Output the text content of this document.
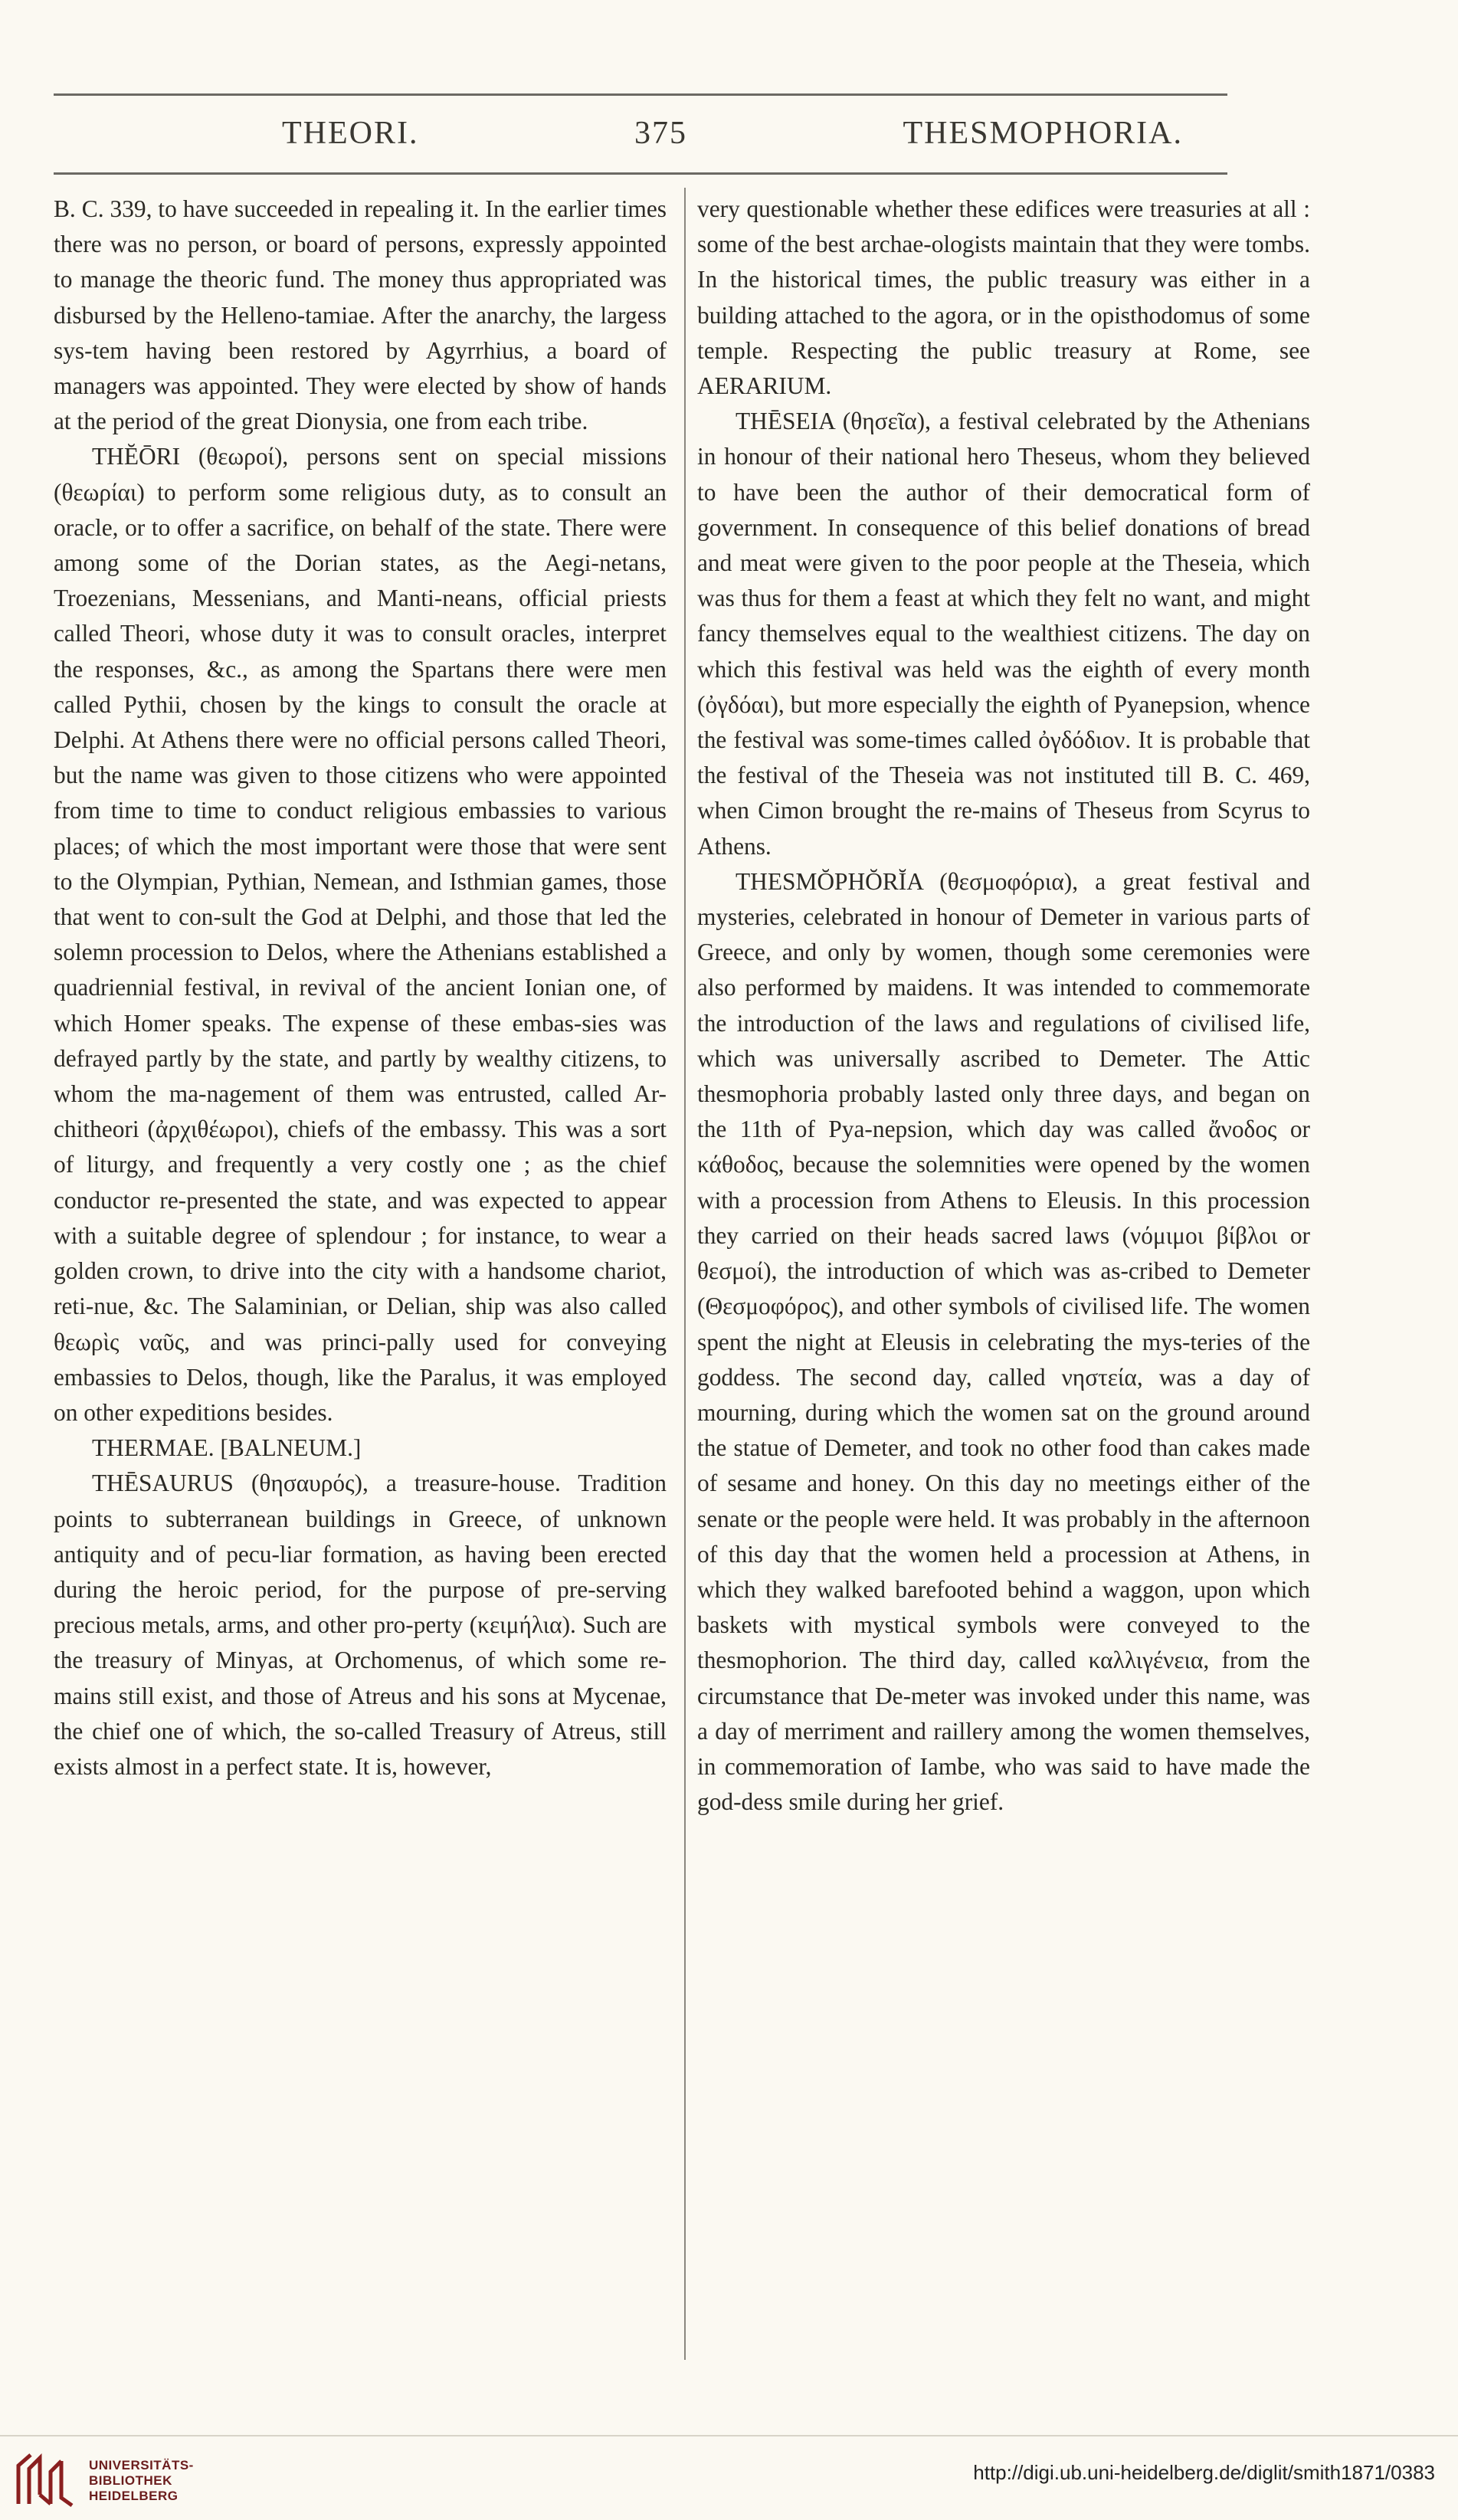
THEORI.	375	THESMOPHORIA.

B. C. 339, to have succeeded in repealing it. In the earlier times there was no person, or board of persons, expressly appointed to manage the theoric fund. The money thus appropriated was disbursed by the Helleno-tamiae. After the anarchy, the largess sys-tem having been restored by Agyrrhius, a board of managers was appointed. They were elected by show of hands at the period of the great Dionysia, one from each tribe.

THĔŌRI (θεωροί), persons sent on special missions (θεωρίαι) to perform some religious duty, as to consult an oracle, or to offer a sacrifice, on behalf of the state. There were among some of the Dorian states, as the Aegi-netans, Troezenians, Messenians, and Manti-neans, official priests called Theori, whose duty it was to consult oracles, interpret the responses, &c., as among the Spartans there were men called Pythii, chosen by the kings to consult the oracle at Delphi. At Athens there were no official persons called Theori, but the name was given to those citizens who were appointed from time to time to conduct religious embassies to various places; of which the most important were those that were sent to the Olympian, Pythian, Nemean, and Isthmian games, those that went to con-sult the God at Delphi, and those that led the solemn procession to Delos, where the Athenians established a quadriennial festival, in revival of the ancient Ionian one, of which Homer speaks. The expense of these embas-sies was defrayed partly by the state, and partly by wealthy citizens, to whom the ma-nagement of them was entrusted, called Ar-chitheori (ἀρχιθέωροι), chiefs of the embassy. This was a sort of liturgy, and frequently a very costly one ; as the chief conductor re-presented the state, and was expected to appear with a suitable degree of splendour ; for instance, to wear a golden crown, to drive into the city with a handsome chariot, reti-nue, &c. The Salaminian, or Delian, ship was also called θεωρὶς ναῦς, and was princi-pally used for conveying embassies to Delos, though, like the Paralus, it was employed on other expeditions besides.

THERMAE. [BALNEUM.]

THĒSAURUS (θησαυρός), a treasure-house. Tradition points to subterranean buildings in Greece, of unknown antiquity and of pecu-liar formation, as having been erected during the heroic period, for the purpose of pre-serving precious metals, arms, and other pro-perty (κειμήλια). Such are the treasury of Minyas, at Orchomenus, of which some re-mains still exist, and those of Atreus and his sons at Mycenae, the chief one of which, the so-called Treasury of Atreus, still exists almost in a perfect state. It is, however,

very questionable whether these edifices were treasuries at all : some of the best archae-ologists maintain that they were tombs. In the historical times, the public treasury was either in a building attached to the agora, or in the opisthodomus of some temple. Respecting the public treasury at Rome, see AERARIUM.

THĒSEIA (θησεῖα), a festival celebrated by the Athenians in honour of their national hero Theseus, whom they believed to have been the author of their democratical form of government. In consequence of this belief donations of bread and meat were given to the poor people at the Theseia, which was thus for them a feast at which they felt no want, and might fancy themselves equal to the wealthiest citizens. The day on which this festival was held was the eighth of every month (ὀγδόαι), but more especially the eighth of Pyanepsion, whence the festival was some-times called ὀγδόδιον. It is probable that the festival of the Theseia was not instituted till B. C. 469, when Cimon brought the re-mains of Theseus from Scyrus to Athens.

THESMŎPHŎRĬA (θεσμοφόρια), a great festival and mysteries, celebrated in honour of Demeter in various parts of Greece, and only by women, though some ceremonies were also performed by maidens. It was intended to commemorate the introduction of the laws and regulations of civilised life, which was universally ascribed to Demeter. The Attic thesmophoria probably lasted only three days, and began on the 11th of Pya-nepsion, which day was called ἄνοδος or κάθοδος, because the solemnities were opened by the women with a procession from Athens to Eleusis. In this procession they carried on their heads sacred laws (νόμιμοι βίβλοι or θεσμοί), the introduction of which was as-cribed to Demeter (Θεσμοφόρος), and other symbols of civilised life. The women spent the night at Eleusis in celebrating the mys-teries of the goddess. The second day, called νηστεία, was a day of mourning, during which the women sat on the ground around the statue of Demeter, and took no other food than cakes made of sesame and honey. On this day no meetings either of the senate or the people were held. It was probably in the afternoon of this day that the women held a procession at Athens, in which they walked barefooted behind a waggon, upon which baskets with mystical symbols were conveyed to the thesmophorion. The third day, called καλλιγένεια, from the circumstance that De-meter was invoked under this name, was a day of merriment and raillery among the women themselves, in commemoration of Iambe, who was said to have made the god-dess smile during her grief.

UNIVERSITÄTS-
BIBLIOTHEK
HEIDELBERG
http://digi.ub.uni-heidelberg.de/diglit/smith1871/0383
